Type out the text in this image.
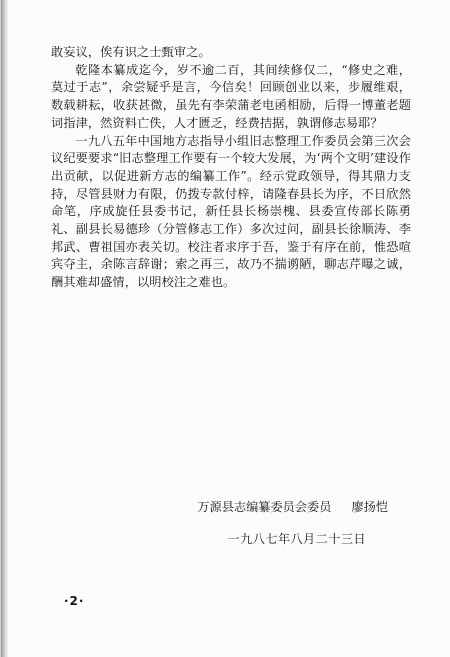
敢妄议，俟有识之士甄审之。

乾隆本纂成迄今，岁不逾二百，其间续修仅二，“修史之难，莫过于志”，余尝疑乎是言，今信矣！回顾创业以来，步履维艰，数载耕耘，收获甚微，虽先有李荣蒲老电函相励，后得一博董老题词指津，然资料亡佚，人才匮乏，经费拮据，孰谓修志易耶？

一九八五年中国地方志指导小组旧志整理工作委员会第三次会议纪要要求“旧志整理工作要有一个较大发展，为‘两个文明’建设作出贡献，以促进新方志的编纂工作”。经示党政领导，得其鼎力支持，尽管县财力有限，仍拨专款付梓，请隆春县长为序，不日欣然命笔，序成旋任县委书记，新任县长杨崇槐、县委宣传部长陈勇礼、副县长易德珍（分管修志工作）多次过问，副县长徐顺涛、李邦武、曹祖国亦表关切。校注者求序于吾，鉴于有序在前，惟恐喧宾夺主，余陈言辞谢；索之再三，故乃不揣谫陋，聊志芹曝之诚，酬其难却盛情，以明校注之难也。

万源县志编纂委员会委员 廖扬恺
一九八七年八月二十三日
·2·
